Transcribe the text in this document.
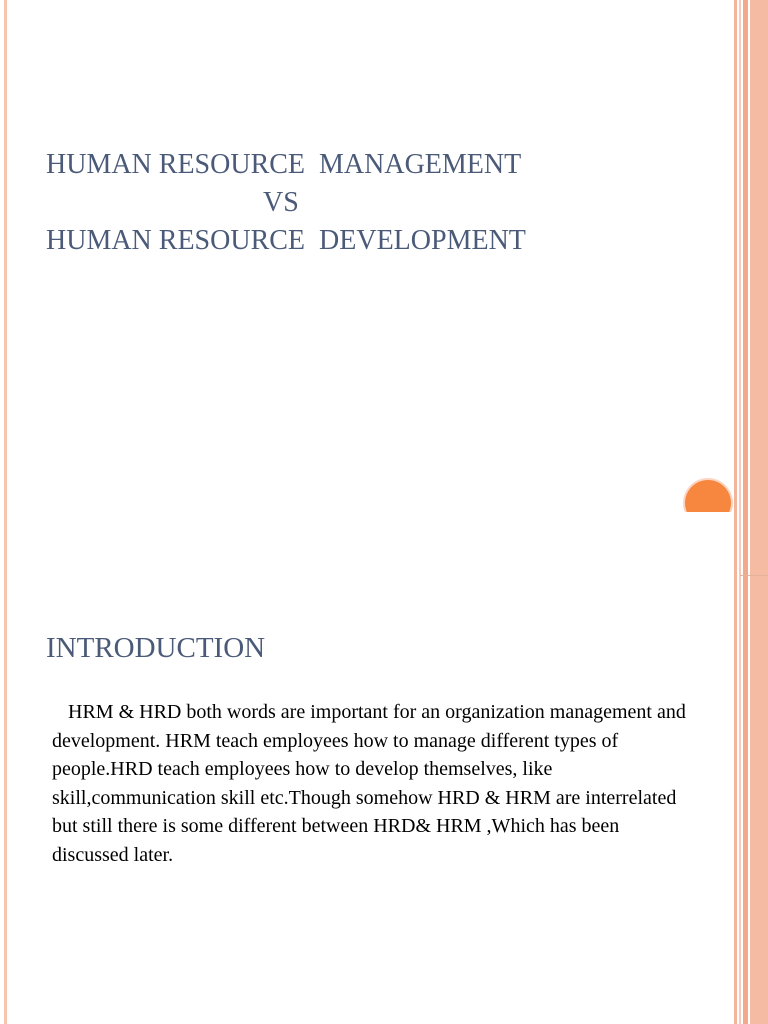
HUMAN RESOURCE  MANAGEMENT
VS
HUMAN RESOURCE  DEVELOPMENT
INTRODUCTION

HRM & HRD both words are important for an organization management and development. HRM teach employees how to manage different types of people.HRD teach employees how to develop themselves, like skill,communication skill etc.Though somehow HRD & HRM are interrelated but still there is some different between HRD& HRM ,Which has been discussed later.
